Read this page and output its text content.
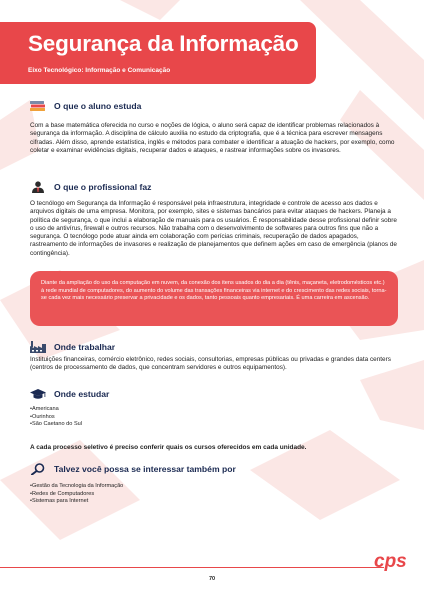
Segurança da Informação
Eixo Tecnológico: Informação e Comunicação
O que o aluno estuda

Com a base matemática oferecida no curso e noções de lógica, o aluno será capaz de identificar problemas relacionados à segurança da informação. A disciplina de cálculo auxilia no estudo da criptografia, que é a técnica para escrever mensagens cifradas. Além disso, aprende estatística, inglês e métodos para combater e identificar a atuação de hackers, por exemplo, como coletar e examinar evidências digitais, recuperar dados e ataques, e rastrear informações sobre os invasores.

O que o profissional faz

O tecnólogo em Segurança da Informação é responsável pela infraestrutura, integridade e controle de acesso aos dados e arquivos digitais de uma empresa. Monitora, por exemplo, sites e sistemas bancários para evitar ataques de hackers. Planeja a política de segurança, o que inclui a elaboração de manuais para os usuários. É responsabilidade desse profissional definir sobre o uso de antivírus, firewall e outros recursos. Não trabalha com o desenvolvimento de softwares para outros fins que não a segurança. O tecnólogo pode atuar ainda em colaboração com perícias criminais, recuperação de dados apagados, rastreamento de informações de invasores e realização de planejamentos que definem ações em caso de emergência (planos de contingência).

Diante da ampliação do uso da computação em nuvem, da conexão dos itens usados do dia a dia (tênis, maçaneta, eletrodomésticos etc.) à rede mundial de computadores, do aumento do volume das transações financeiras via internet e do crescimento das redes sociais, torna-se cada vez mais necessário preservar a privacidade e os dados, tanto pessoais quanto empresariais. É uma carreira em ascensão.

Onde trabalhar

Instituições financeiras, comércio eletrônico, redes sociais, consultorias, empresas públicas ou privadas e grandes data centers (centros de processamento de dados, que concentram servidores e outros equipamentos).

Onde estudar
• Americana
• Ourinhos
• São Caetano do Sul

A cada processo seletivo é preciso conferir quais os cursos oferecidos em cada unidade.

Talvez você possa se interessar também por
• Gestão da Tecnologia da Informação
• Redes de Computadores
• Sistemas para Internet
70
cps
